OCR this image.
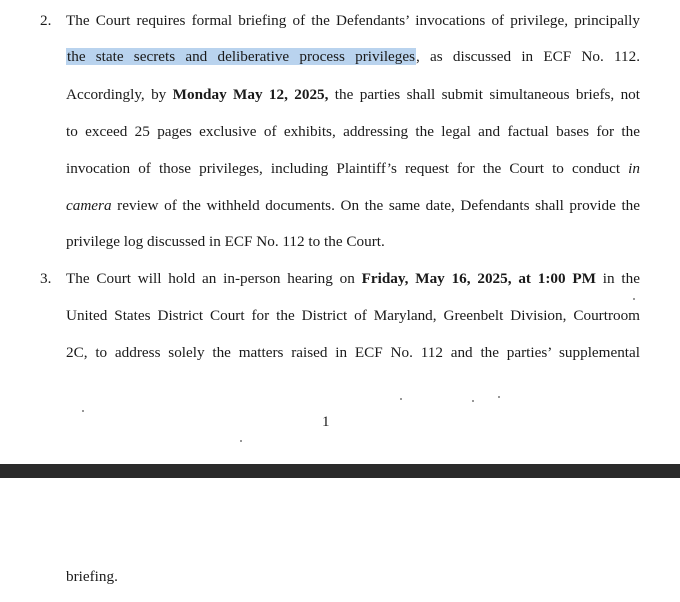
2. The Court requires formal briefing of the Defendants’ invocations of privilege, principally
the state secrets and deliberative process privileges, as discussed in ECF No. 112.
Accordingly, by Monday May 12, 2025, the parties shall submit simultaneous briefs, not
to exceed 25 pages exclusive of exhibits, addressing the legal and factual bases for the
invocation of those privileges, including Plaintiff’s request for the Court to conduct in
camera review of the withheld documents. On the same date, Defendants shall provide the
privilege log discussed in ECF No. 112 to the Court.
3. The Court will hold an in-person hearing on Friday, May 16, 2025, at 1:00 PM in the
United States District Court for the District of Maryland, Greenbelt Division, Courtroom
2C, to address solely the matters raised in ECF No. 112 and the parties’ supplemental
1
briefing.
